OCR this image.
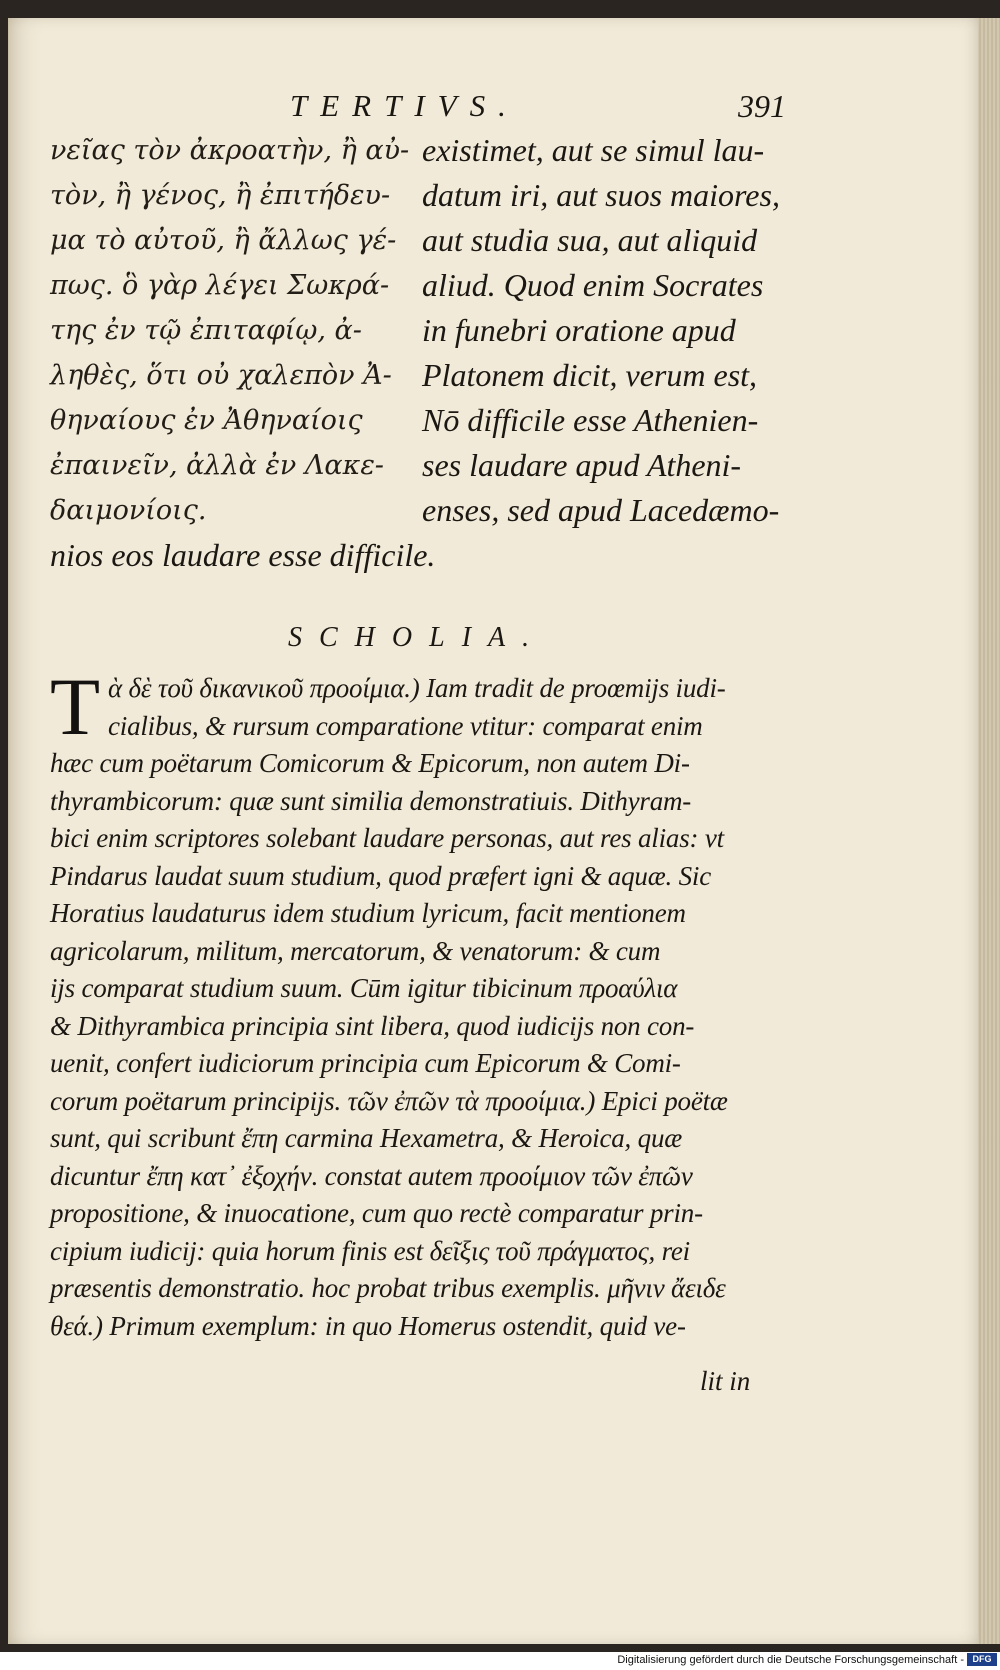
TERTIVS.	391
νεῖας τὸν ἀκροατὴν, ἢ αὐ-
τὸν, ἢ γένος, ἢ ἐπιτήδευ-
μα τὸ αὐτοῦ, ἢ ἄλλως γέ-
πως. ὃ γὰρ λέγει Σωκρά-
της ἐν τῷ ἐπιταφίῳ, ἀ-
ληθὲς, ὅτι οὐ χαλεπὸν Ἀ-
θηναίους ἐν Ἀθηναίοις
ἐπαινεῖν, ἀλλὰ ἐν Λακε-
δαιμονίοις.
existimet, aut se simul lau-
datum iri, aut suos maiores,
aut studia sua, aut aliquid
aliud. Quod enim Socrates
in funebri oratione apud
Platonem dicit, verum est,
Nō difficile esse Athenien-
ses laudare apud Atheni-
enses, sed apud Lacedæmo-
nios eos laudare esse difficile.
SCHOLIA.
T ὰ δὲ τοῦ δικανικοῦ προοίμια.) Iam tradit de proœmijs iudi-
cialibus, & rursum comparatione vtitur: comparat enim
hæc cum poëtarum Comicorum & Epicorum, non autem Di-
thyrambicorum: quæ sunt similia demonstratiuis. Dithyram-
bici enim scriptores solebant laudare personas, aut res alias: vt
Pindarus laudat suum studium, quod præfert igni & aquæ. Sic
Horatius laudaturus idem studium lyricum, facit mentionem
agricolarum, militum, mercatorum, & venatorum: & cum
ijs comparat studium suum. Cūm igitur tibicinum προαύλια
& Dithyrambica principia sint libera, quod iudicijs non con-
uenit, confert iudiciorum principia cum Epicorum & Comi-
corum poëtarum principijs. τῶν ἐπῶν τὰ προοίμια.) Epici poëtæ
sunt, qui scribunt ἔπη carmina Hexametra, & Heroica, quæ
dicuntur ἔπη κατ᾽ ἐξοχήν. constat autem προοίμιον τῶν ἐπῶν
propositione, & inuocatione, cum quo rectè comparatur prin-
cipium iudicij: quia horum finis est δεῖξις τοῦ πράγματος, rei
præsentis demonstratio. hoc probat tribus exemplis. μῆνιν ἄειδε
θεά.) Primum exemplum: in quo Homerus ostendit, quid ve-
lit in
Digitalisierung gefördert durch die Deutsche Forschungsgemeinschaft - DFG
